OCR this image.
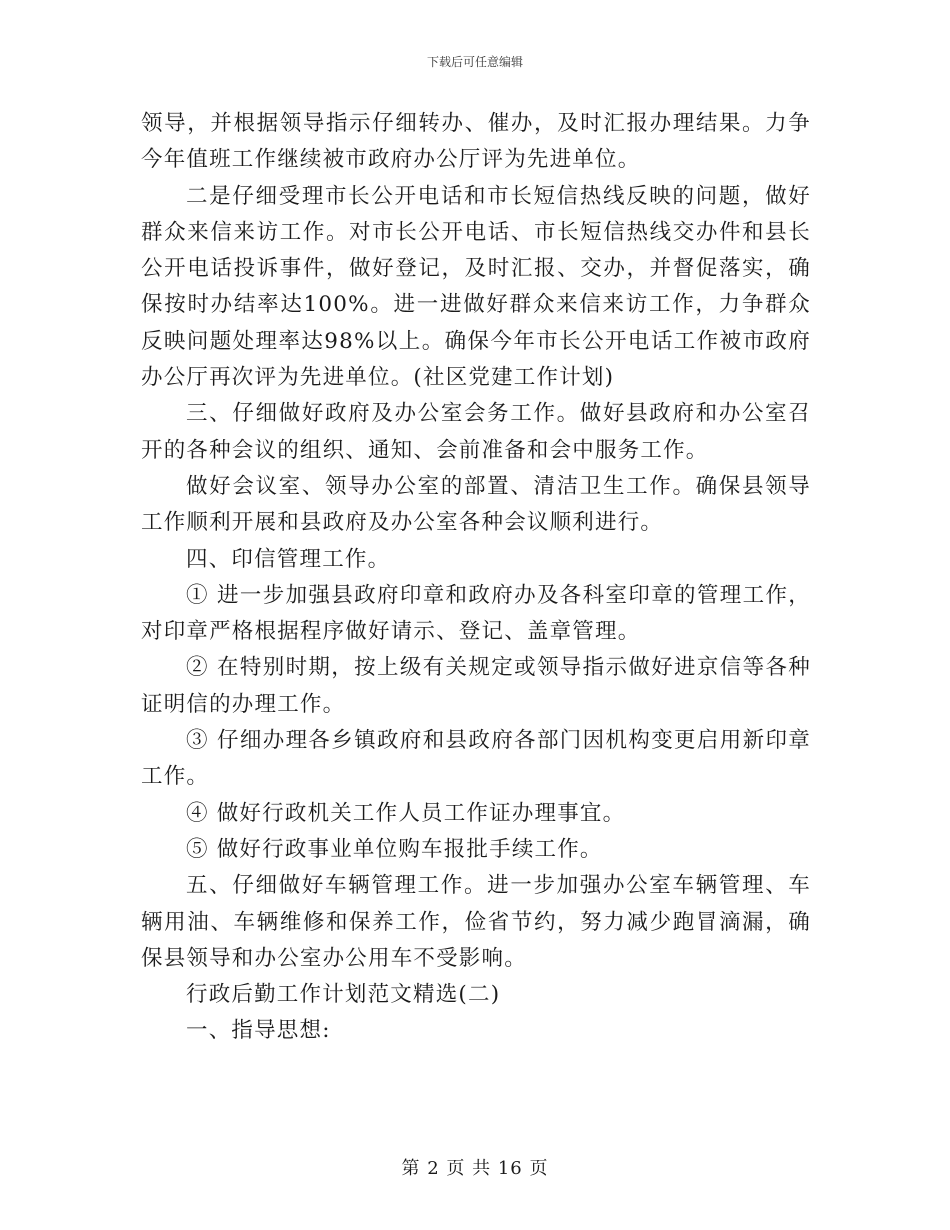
下载后可任意编辑

领导，并根据领导指示仔细转办、催办，及时汇报办理结果。力争今年值班工作继续被市政府办公厅评为先进单位。

二是仔细受理市长公开电话和市长短信热线反映的问题，做好群众来信来访工作。对市长公开电话、市长短信热线交办件和县长公开电话投诉事件，做好登记，及时汇报、交办，并督促落实，确保按时办结率达100%。进一进做好群众来信来访工作，力争群众反映问题处理率达98%以上。确保今年市长公开电话工作被市政府办公厅再次评为先进单位。(社区党建工作计划)

三、仔细做好政府及办公室会务工作。做好县政府和办公室召开的各种会议的组织、通知、会前准备和会中服务工作。

做好会议室、领导办公室的部置、清洁卫生工作。确保县领导工作顺利开展和县政府及办公室各种会议顺利进行。

四、印信管理工作。

① 进一步加强县政府印章和政府办及各科室印章的管理工作，对印章严格根据程序做好请示、登记、盖章管理。

② 在特别时期，按上级有关规定或领导指示做好进京信等各种证明信的办理工作。

③ 仔细办理各乡镇政府和县政府各部门因机构变更启用新印章工作。

④ 做好行政机关工作人员工作证办理事宜。

⑤ 做好行政事业单位购车报批手续工作。

五、仔细做好车辆管理工作。进一步加强办公室车辆管理、车辆用油、车辆维修和保养工作，俭省节约，努力减少跑冒滴漏，确保县领导和办公室办公用车不受影响。

行政后勤工作计划范文精选(二)

一、指导思想:

第 2 页 共 16 页
